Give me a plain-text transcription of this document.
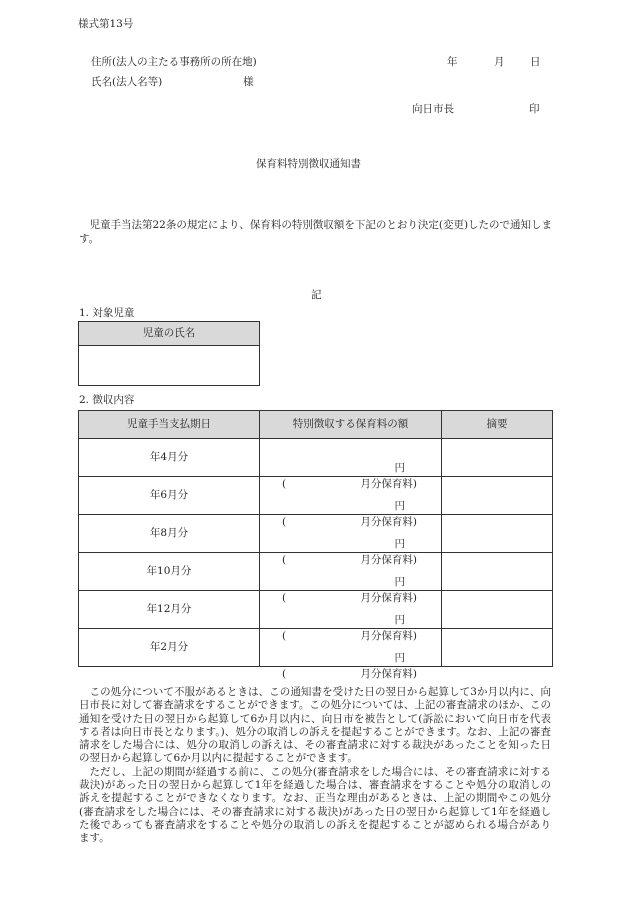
様式第13号
住所(法人の主たる事務所の所在地)
氏名(法人名等)	様
年	月 日
向日市長	印
保育料特別徴収通知書
児童手当法第22条の規定により、保育料の特別徴収額を下記のとおり決定(変更)したので通知します。
記
1. 対象児童
児童の氏名

2. 徴収内容
児童手当支払期日	特別徴収する保育料の額	摘要
年4月分	円
( 月分保育料)	

年6月分	円
( 月分保育料)	

年8月分	円
( 月分保育料)	

年10月分	円
( 月分保育料)	

年12月分	円
( 月分保育料)	

年2月分	円
( 月分保育料)	

この処分について不服があるときは、この通知書を受けた日の翌日から起算して3か月以内に、向日市長に対して審査請求をすることができます。この処分については、上記の審査請求のほか、この通知を受けた日の翌日から起算して6か月以内に、向日市を被告として(訴訟において向日市を代表する者は向日市長となります。)、処分の取消しの訴えを提起することができます。なお、上記の審査請求をした場合には、処分の取消しの訴えは、その審査請求に対する裁決があったことを知った日の翌日から起算して6か月以内に提起することができます。

ただし、上記の期間が経過する前に、この処分(審査請求をした場合には、その審査請求に対する裁決)があった日の翌日から起算して1年を経過した場合は、審査請求をすることや処分の取消しの訴えを提起することができなくなります。なお、正当な理由があるときは、上記の期間やこの処分(審査請求をした場合には、その審査請求に対する裁決)があった日の翌日から起算して1年を経過した後であっても審査請求をすることや処分の取消しの訴えを提起することが認められる場合があります。
